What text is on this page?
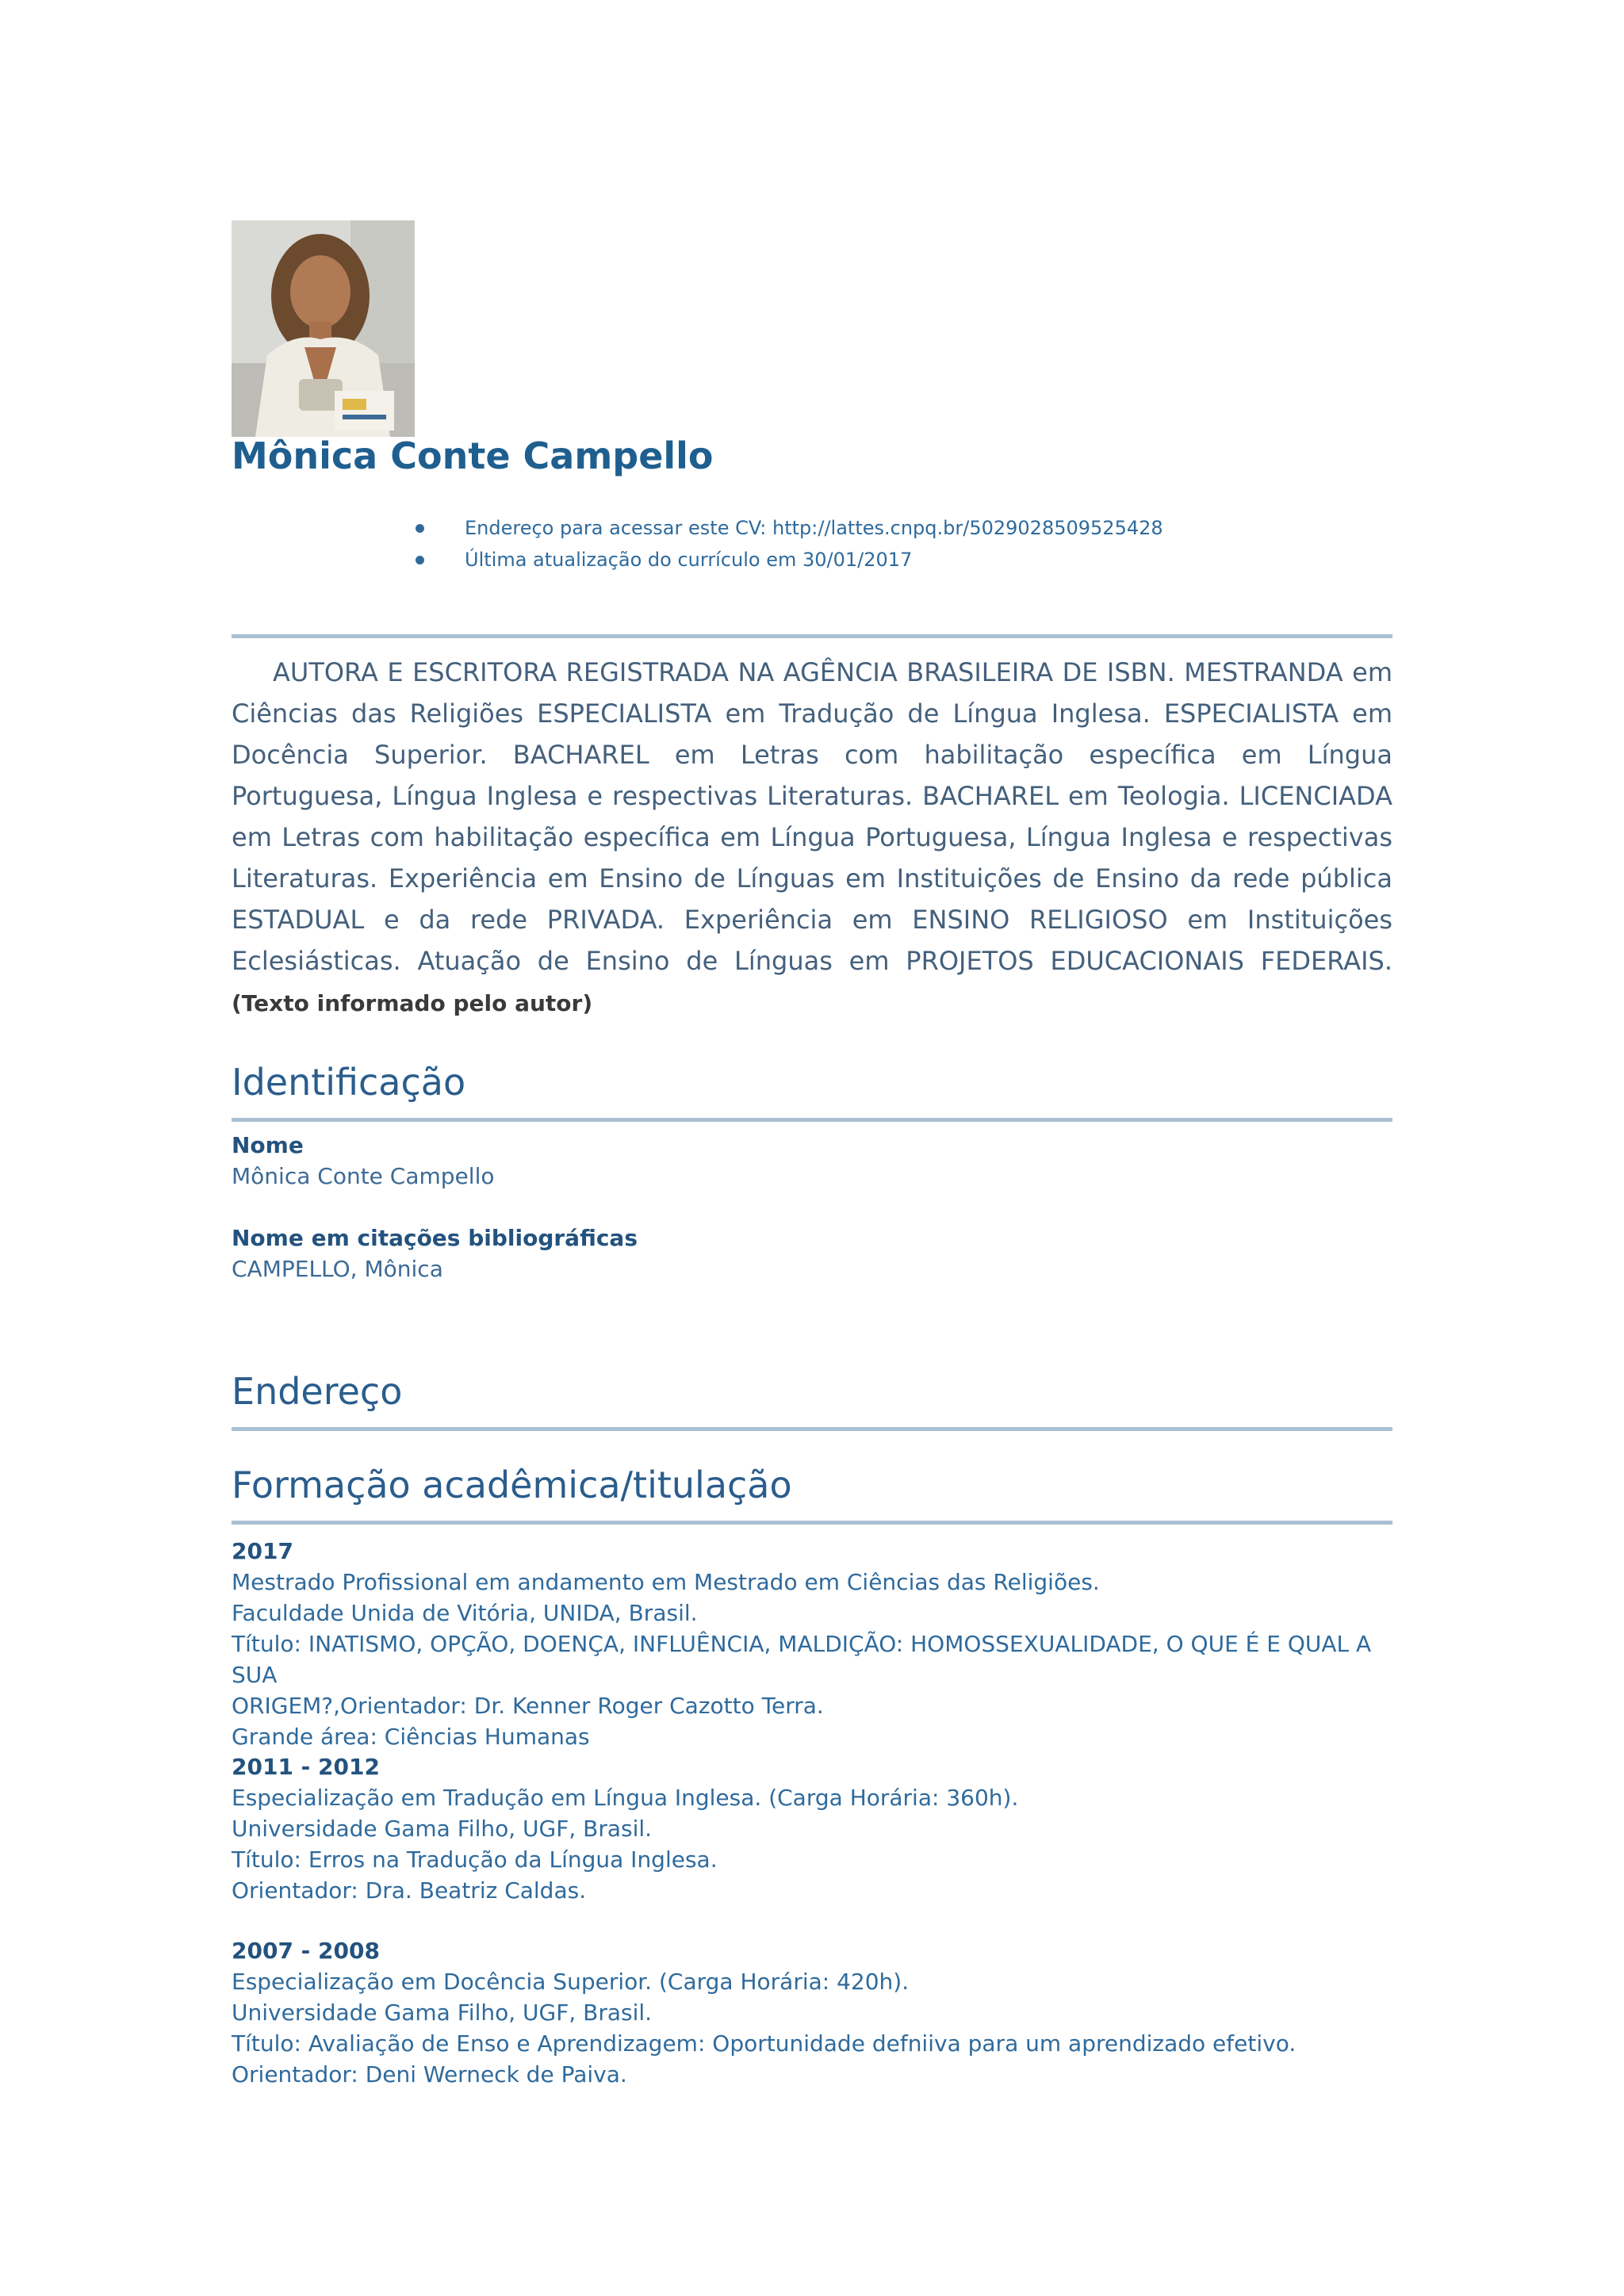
Mônica Conte Campello
Endereço para acessar este CV: http://lattes.cnpq.br/5029028509525428
Última atualização do currículo em 30/01/2017

AUTORA E ESCRITORA REGISTRADA NA AGÊNCIA BRASILEIRA DE ISBN. MESTRANDA em Ciências das Religiões ESPECIALISTA em Tradução de Língua Inglesa. ESPECIALISTA em Docência Superior. BACHAREL em Letras com habilitação específica em Língua Portuguesa, Língua Inglesa e respectivas Literaturas. BACHAREL em Teologia. LICENCIADA em Letras com habilitação específica em Língua Portuguesa, Língua Inglesa e respectivas Literaturas. Experiência em Ensino de Línguas em Instituições de Ensino da rede pública ESTADUAL e da rede PRIVADA. Experiência em ENSINO RELIGIOSO em Instituições Eclesiásticas. Atuação de Ensino de Línguas em PROJETOS EDUCACIONAIS FEDERAIS. (Texto informado pelo autor)

Identificação
Nome
Mônica Conte Campello
Nome em citações bibliográficas
CAMPELLO, Mônica
Endereço
Formação acadêmica/titulação
2017
Mestrado Profissional em andamento em Mestrado em Ciências das Religiões.
Faculdade Unida de Vitória, UNIDA, Brasil.
Título: INATISMO, OPÇÃO, DOENÇA, INFLUÊNCIA, MALDIÇÃO: HOMOSSEXUALIDADE, O QUE É E QUAL A SUA
ORIGEM?,Orientador: Dr. Kenner Roger Cazotto Terra.
Grande área: Ciências Humanas
2011 - 2012
Especialização em Tradução em Língua Inglesa. (Carga Horária: 360h).
Universidade Gama Filho, UGF, Brasil.
Título: Erros na Tradução da Língua Inglesa.
Orientador: Dra. Beatriz Caldas.
2007 - 2008
Especialização em Docência Superior. (Carga Horária: 420h).
Universidade Gama Filho, UGF, Brasil.
Título: Avaliação de Enso e Aprendizagem: Oportunidade defniiva para um aprendizado efetivo.
Orientador: Deni Werneck de Paiva.
